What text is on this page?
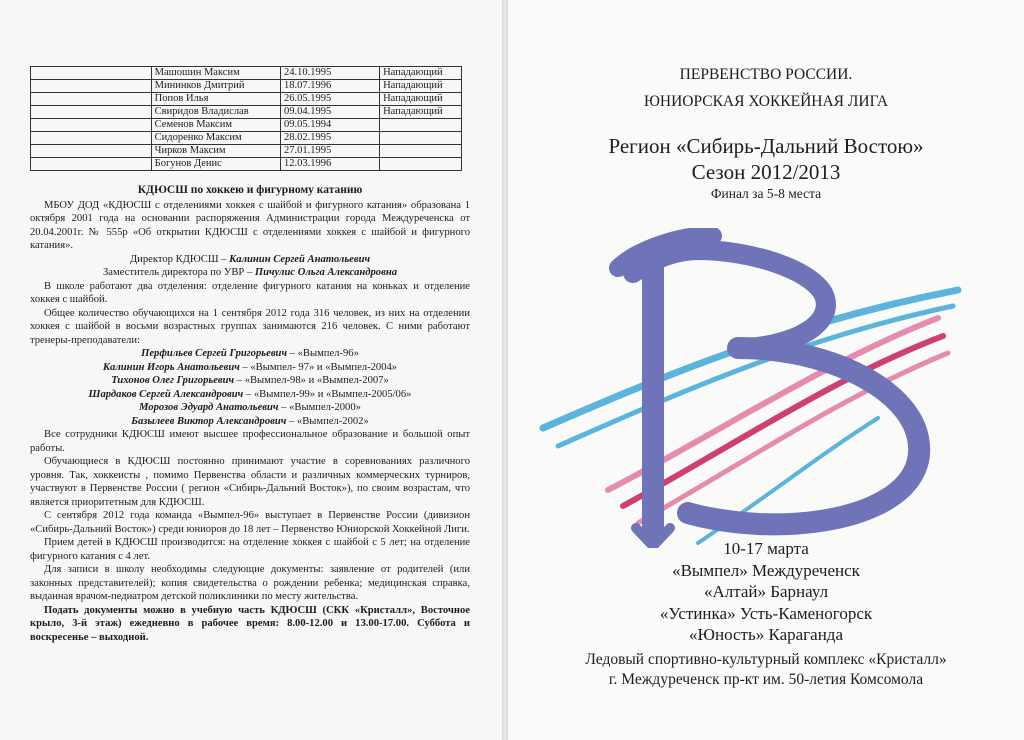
	Машошин Максим	24.10.1995	Нападающий
	Мининков Дмитрий	18.07.1996	Нападающий
	Попов Илья	26.05.1995	Нападающий
	Свиридов Владислав	09.04.1995	Нападающий
	Семенов Максим	09.05.1994	
	Сидоренко Максим	28.02.1995	
	Чирков Максим	27.01.1995	
	Богунов Денис	12.03.1996	

КДЮСШ по хоккею и фигурному катанию

МБОУ ДОД «КДЮСШ с отделениями хоккея с шайбой и фигурного катания» образована 1 октября 2001 года на основании распоряжения Администрации города Междуреченска от 20.04.2001г. № 555р «Об открытии КДЮСШ с отделениями хоккея с шайбой и фигурного катания».

Директор КДЮСШ – Калинин Сергей Анатольевич

Заместитель директора по УВР – Пичулис Ольга Александровна

В школе работают два отделения: отделение фигурного катания на коньках и отделение хоккея с шайбой.

Общее количество обучающихся на 1 сентября 2012 года 316 человек, из них на отделении хоккея с шайбой в восьми возрастных группах занимаются 216 человек. С ними работают тренеры-преподаватели:

Перфильев Сергей Григорьевич – «Вымпел-96»

Калинин Игорь Анатольевич – «Вымпел- 97» и «Вымпел-2004»

Тихонов Олег Григорьевич – «Вымпел-98» и «Вымпел-2007»

Шардаков Сергей Александрович – «Вымпел-99» и «Вымпел-2005/06»

Морозов Эдуард Анатольевич – «Вымпел-2000»

Базылеев Виктор Александрович – «Вымпел-2002»

Все сотрудники КДЮСШ имеют высшее профессиональное образование и большой опыт работы.

Обучающиеся в КДЮСШ постоянно принимают участие в соревнованиях различного уровня. Так, хоккеисты , помимо Первенства области и различных коммерческих турниров, участвуют в Первенстве России ( регион «Сибирь-Дальний Восток»), по своим возрастам, что является приоритетным для КДЮСШ.

С сентября 2012 года команда «Вымпел-96» выступает в Первенстве России (дивизион «Сибирь-Дальний Восток») среди юниоров до 18 лет – Первенство Юниорской Хоккейной Лиги.

Прием детей в КДЮСШ производится: на отделение хоккея с шайбой с 5 лет; на отделение фигурного катания с 4 лет.

Для записи в школу необходимы следующие документы: заявление от родителей (или законных представителей); копия свидетельства о рождении ребенка; медицинская справка, выданная врачом-педиатром детской поликлиники по месту жительства.

Подать документы можно в учебную часть КДЮСШ (СКК «Кристалл», Восточное крыло, 3-й этаж) ежедневно в рабочее время: 8.00-12.00 и 13.00-17.00. Суббота и воскресенье – выходной.

ПЕРВЕНСТВО РОССИИ.
ЮНИОРСКАЯ ХОККЕЙНАЯ ЛИГА
Регион «Сибирь-Дальний Востою»
Сезон 2012/2013
Финал за 5-8 места
10-17 марта
«Вымпел» Междуреченск
«Алтай» Барнаул
«Устинка» Усть-Каменогорск
«Юность» Караганда
Ледовый спортивно-культурный комплекс «Кристалл»
г. Междуреченск пр-кт им. 50-летия Комсомола
